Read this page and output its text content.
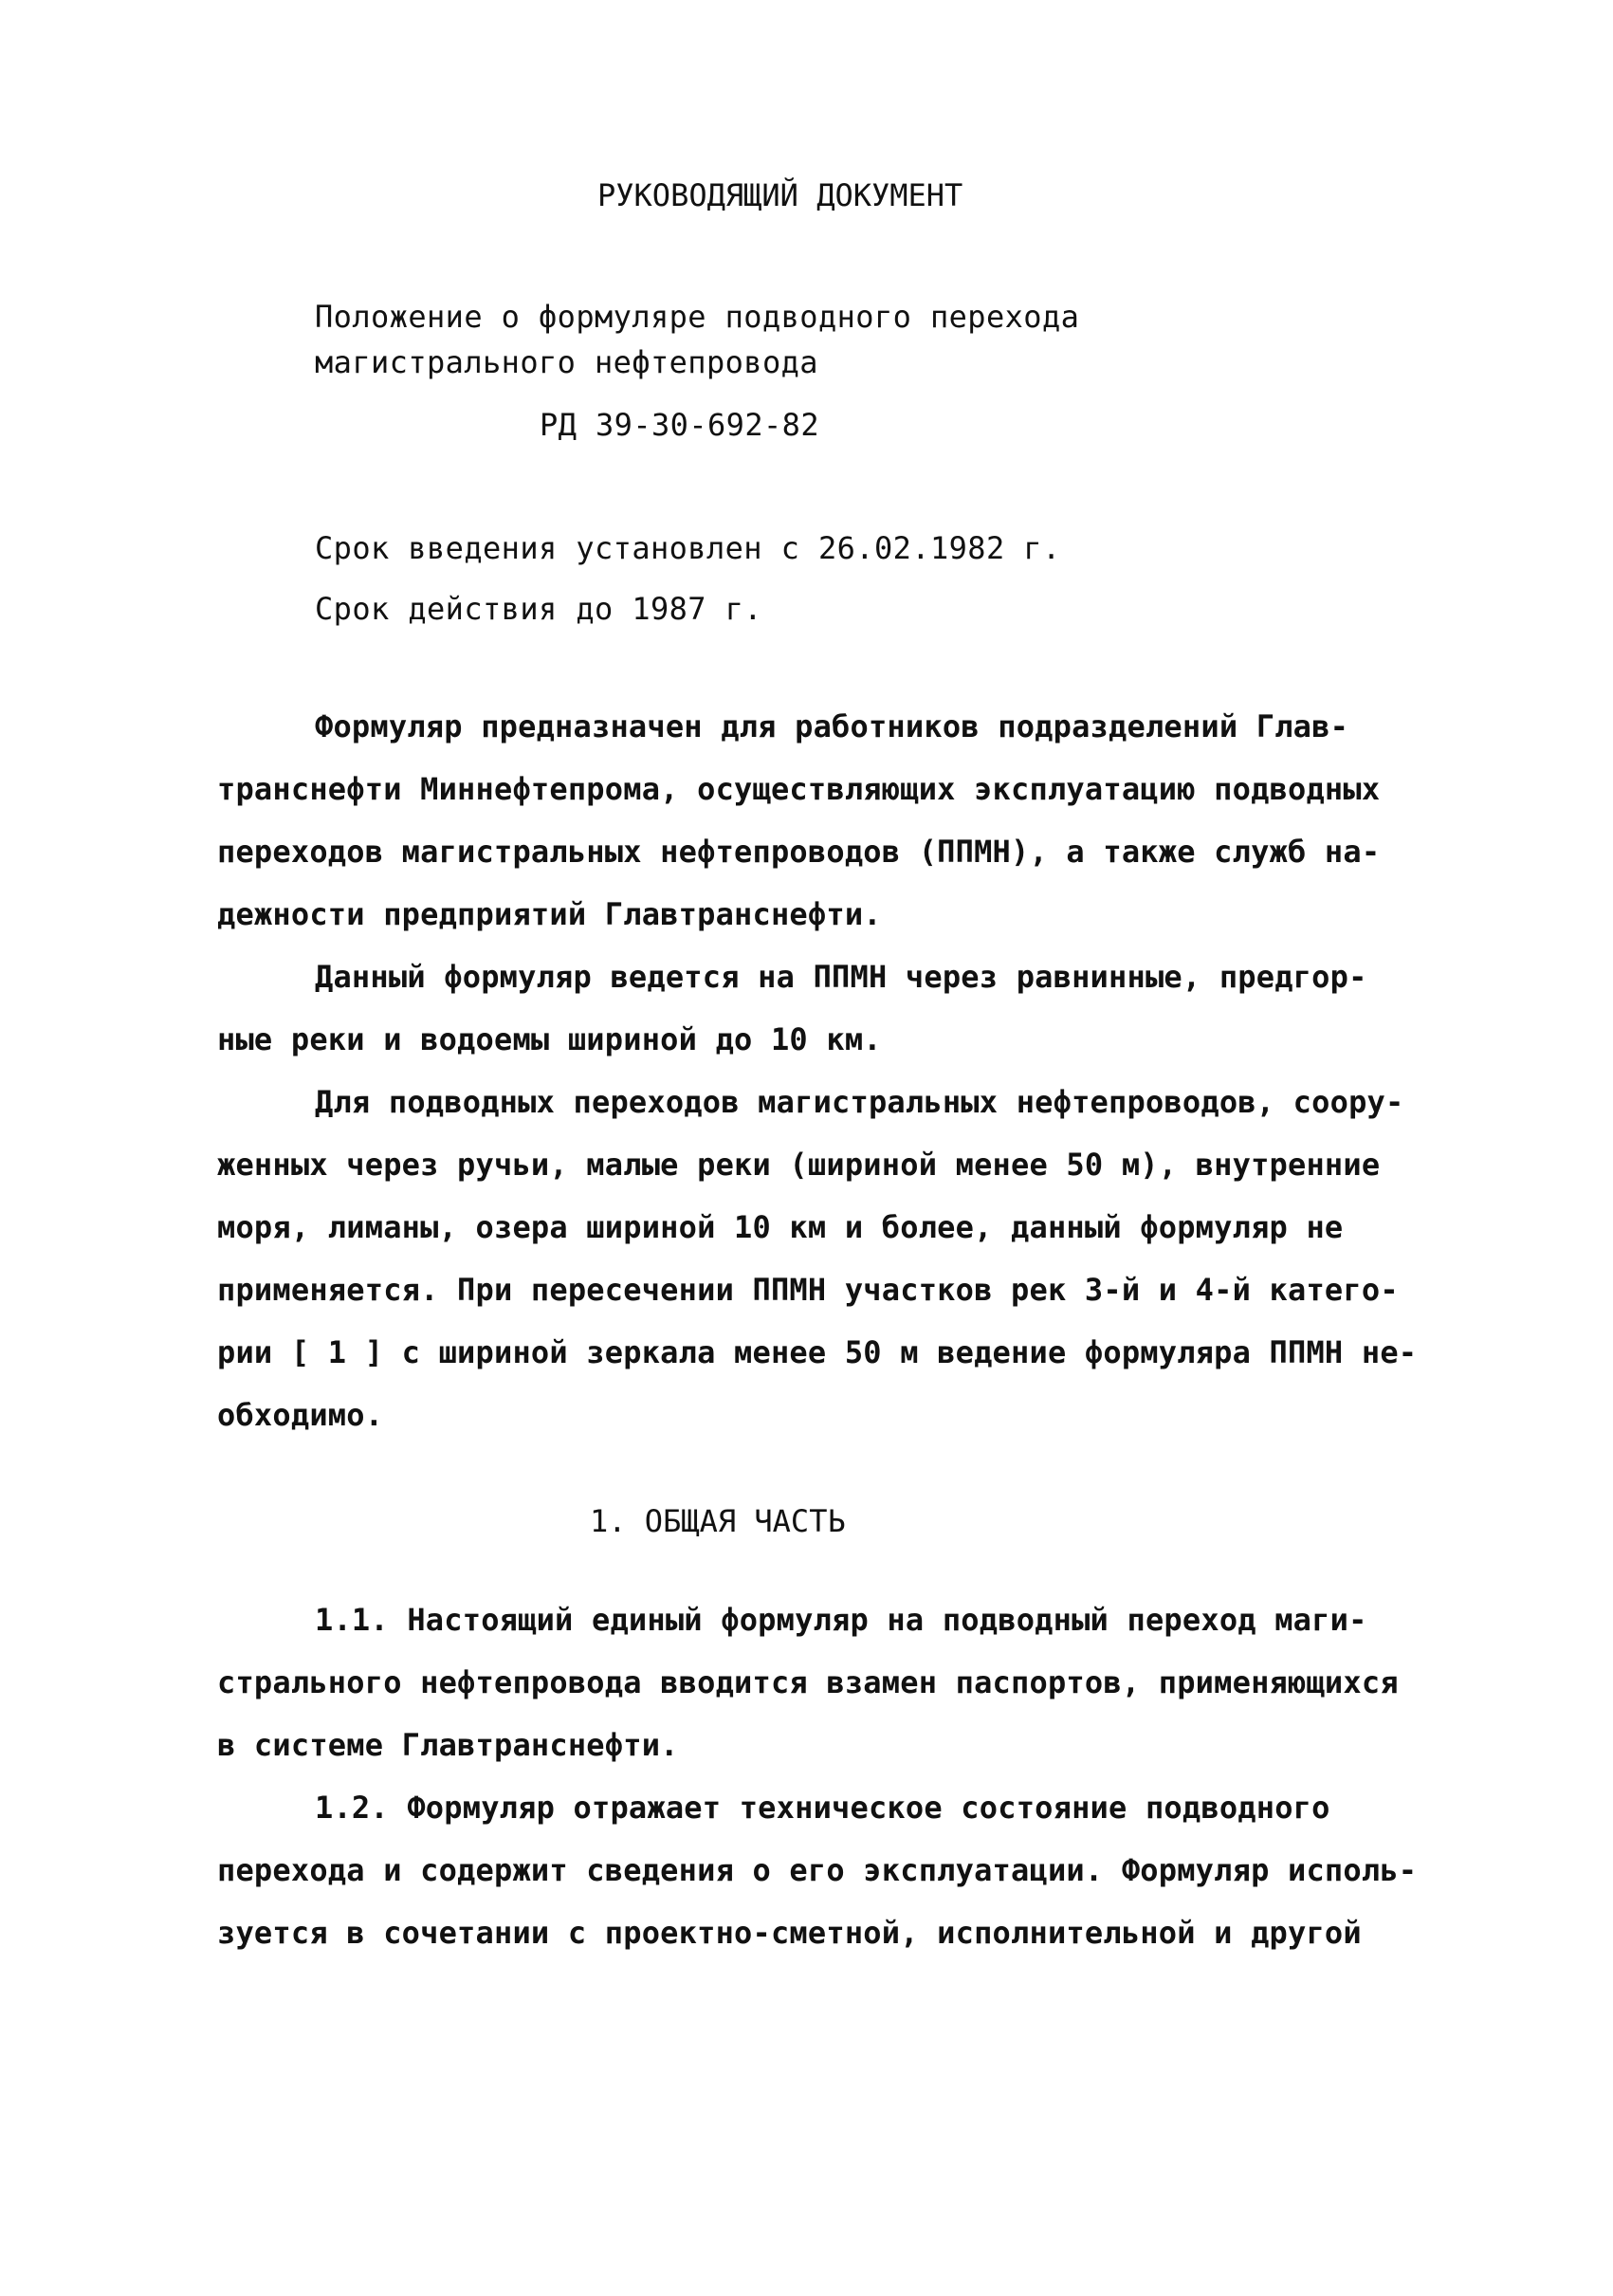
РУКОВОДЯЩИЙ ДОКУМЕНТ
Положение о формуляре подводного перехода
магистрального нефтепровода
РД 39-30-692-82
Срок введения установлен с 26.02.1982 г.
Срок действия до 1987 г.
Формуляр предназначен для работников подразделений Глав-
транснефти Миннефтепрома, осуществляющих эксплуатацию подводных
переходов магистральных нефтепроводов (ППМН), а также служб на-
дежности предприятий Главтранснефти.
Данный формуляр ведется на ППМН через равнинные, предгор-
ные реки и водоемы шириной до 10 км.
Для подводных переходов магистральных нефтепроводов, соору-
женных через ручьи, малые реки (шириной менее 50 м), внутренние
моря, лиманы, озера шириной 10 км и более, данный формуляр не
применяется. При пересечении ППМН участков рек 3-й и 4-й катего-
рии [ 1 ] с шириной зеркала менее 50 м ведение формуляра ППМН не-
обходимо.
1. ОБЩАЯ ЧАСТЬ
1.1. Настоящий единый формуляр на подводный переход маги-
стрального нефтепровода вводится взамен паспортов, применяющихся
в системе Главтранснефти.
1.2. Формуляр отражает техническое состояние подводного
перехода и содержит сведения о его эксплуатации. Формуляр исполь-
зуется в сочетании с проектно-сметной, исполнительной и другой
